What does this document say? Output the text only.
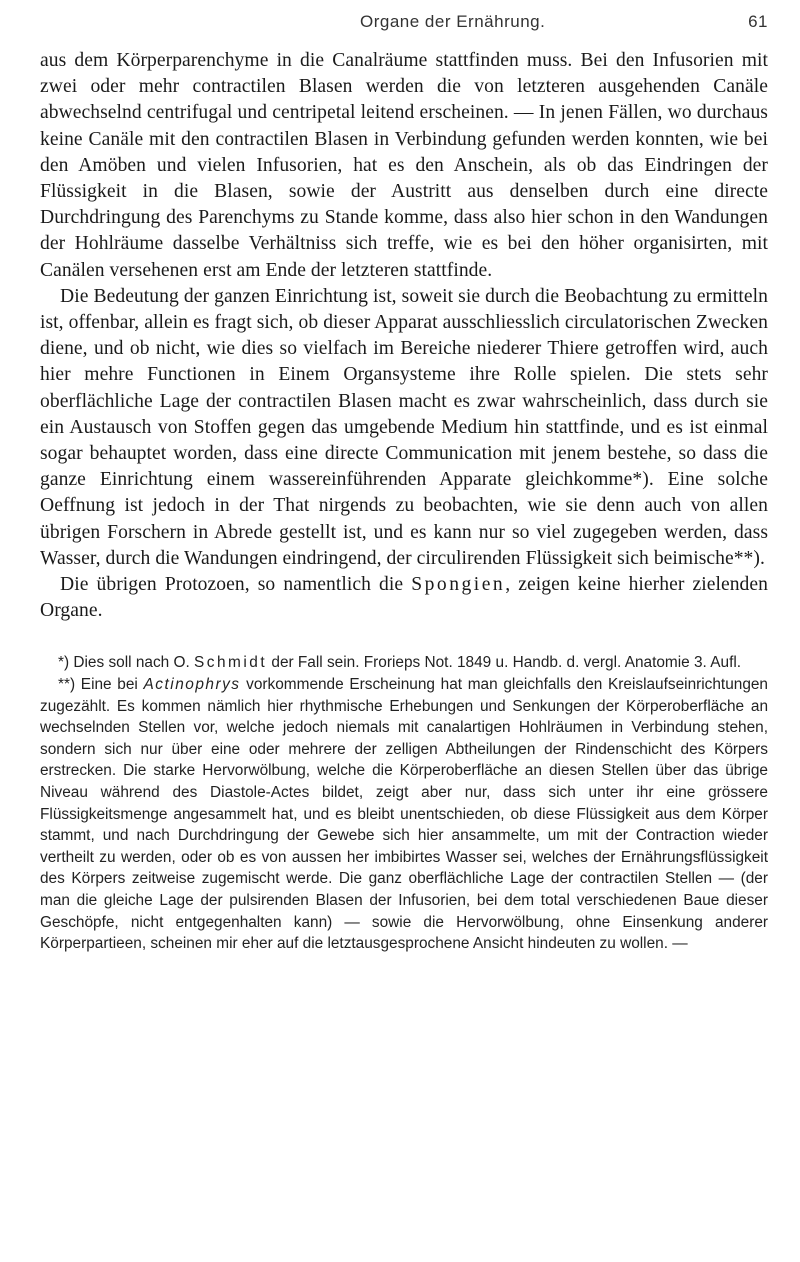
Organe der Ernährung.	61

aus dem Körperparenchyme in die Canalräume stattfinden muss. Bei den Infusorien mit zwei oder mehr contractilen Blasen werden die von letzteren ausgehenden Canäle abwechselnd centrifugal und centripetal leitend erscheinen. — In jenen Fällen, wo durchaus keine Canäle mit den contractilen Blasen in Verbindung gefunden werden konnten, wie bei den Amöben und vielen Infusorien, hat es den Anschein, als ob das Eindringen der Flüssigkeit in die Blasen, sowie der Austritt aus denselben durch eine directe Durchdringung des Parenchyms zu Stande komme, dass also hier schon in den Wandungen der Hohlräume dasselbe Verhältniss sich treffe, wie es bei den höher organisirten, mit Canälen versehenen erst am Ende der letzteren stattfinde.

Die Bedeutung der ganzen Einrichtung ist, soweit sie durch die Beobachtung zu ermitteln ist, offenbar, allein es fragt sich, ob dieser Apparat ausschliesslich circulatorischen Zwecken diene, und ob nicht, wie dies so vielfach im Bereiche niederer Thiere getroffen wird, auch hier mehre Functionen in Einem Organsysteme ihre Rolle spielen. Die stets sehr oberflächliche Lage der contractilen Blasen macht es zwar wahrscheinlich, dass durch sie ein Austausch von Stoffen gegen das umgebende Medium hin stattfinde, und es ist einmal sogar behauptet worden, dass eine directe Communication mit jenem bestehe, so dass die ganze Einrichtung einem wassereinführenden Apparate gleichkomme*). Eine solche Oeffnung ist jedoch in der That nirgends zu beobachten, wie sie denn auch von allen übrigen Forschern in Abrede gestellt ist, und es kann nur so viel zugegeben werden, dass Wasser, durch die Wandungen eindringend, der circulirenden Flüssigkeit sich beimische**).

Die übrigen Protozoen, so namentlich die Spongien, zeigen keine hierher zielenden Organe.

*) Dies soll nach O. Schmidt der Fall sein. Frorieps Not. 1849 u. Handb. d. vergl. Anatomie 3. Aufl.

**) Eine bei Actinophrys vorkommende Erscheinung hat man gleichfalls den Kreislaufseinrichtungen zugezählt. Es kommen nämlich hier rhythmische Erhebungen und Senkungen der Körperoberfläche an wechselnden Stellen vor, welche jedoch niemals mit canalartigen Hohlräumen in Verbindung stehen, sondern sich nur über eine oder mehrere der zelligen Abtheilungen der Rindenschicht des Körpers erstrecken. Die starke Hervorwölbung, welche die Körperoberfläche an diesen Stellen über das übrige Niveau während des Diastole-Actes bildet, zeigt aber nur, dass sich unter ihr eine grössere Flüssigkeitsmenge angesammelt hat, und es bleibt unentschieden, ob diese Flüssigkeit aus dem Körper stammt, und nach Durchdringung der Gewebe sich hier ansammelte, um mit der Contraction wieder vertheilt zu werden, oder ob es von aussen her imbibirtes Wasser sei, welches der Ernährungsflüssigkeit des Körpers zeitweise zugemischt werde. Die ganz oberflächliche Lage der contractilen Stellen — (der man die gleiche Lage der pulsirenden Blasen der Infusorien, bei dem total verschiedenen Baue dieser Geschöpfe, nicht entgegenhalten kann) — sowie die Hervorwölbung, ohne Einsenkung anderer Körperpartieen, scheinen mir eher auf die letztausgesprochene Ansicht hindeuten zu wollen. —
